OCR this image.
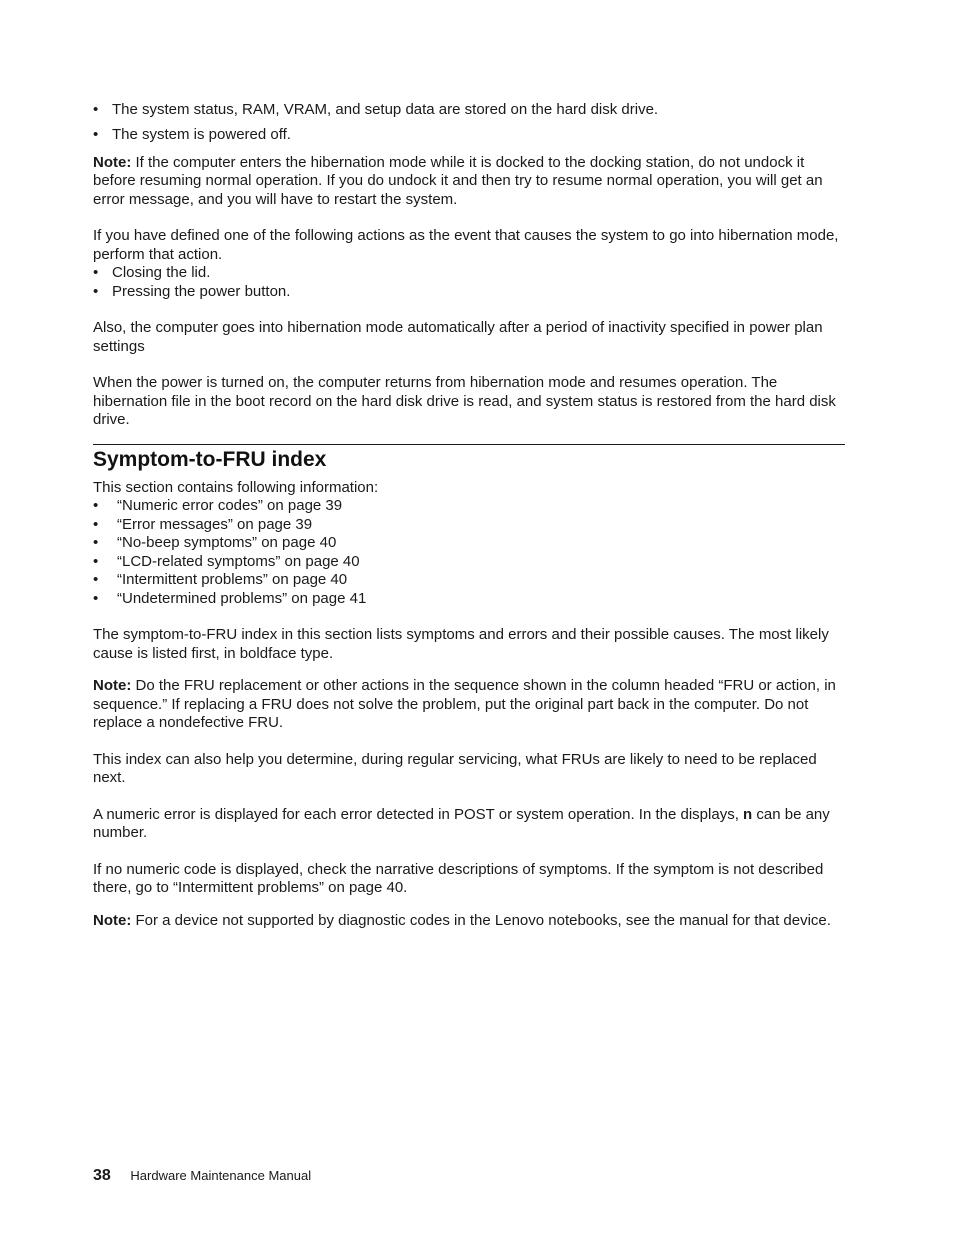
• The system status, RAM, VRAM, and setup data are stored on the hard disk drive.
• The system is powered off.

Note: If the computer enters the hibernation mode while it is docked to the docking station, do not undock it before resuming normal operation. If you do undock it and then try to resume normal operation, you will get an error message, and you will have to restart the system.

If you have defined one of the following actions as the event that causes the system to go into hibernation mode, perform that action.

• Closing the lid.
• Pressing the power button.

Also, the computer goes into hibernation mode automatically after a period of inactivity specified in power plan settings

When the power is turned on, the computer returns from hibernation mode and resumes operation. The hibernation file in the boot record on the hard disk drive is read, and system status is restored from the hard disk drive.

Symptom-to-FRU index

This section contains following information:

• “Numeric error codes” on page 39
• “Error messages” on page 39
• “No-beep symptoms” on page 40
• “LCD-related symptoms” on page 40
• “Intermittent problems” on page 40
• “Undetermined problems” on page 41

The symptom-to-FRU index in this section lists symptoms and errors and their possible causes. The most likely cause is listed first, in boldface type.

Note: Do the FRU replacement or other actions in the sequence shown in the column headed “FRU or action, in sequence.” If replacing a FRU does not solve the problem, put the original part back in the computer. Do not replace a nondefective FRU.

This index can also help you determine, during regular servicing, what FRUs are likely to need to be replaced next.

A numeric error is displayed for each error detected in POST or system operation. In the displays, n can be any number.

If no numeric code is displayed, check the narrative descriptions of symptoms. If the symptom is not described there, go to “Intermittent problems” on page 40.

Note: For a device not supported by diagnostic codes in the Lenovo notebooks, see the manual for that device.

38 Hardware Maintenance Manual
